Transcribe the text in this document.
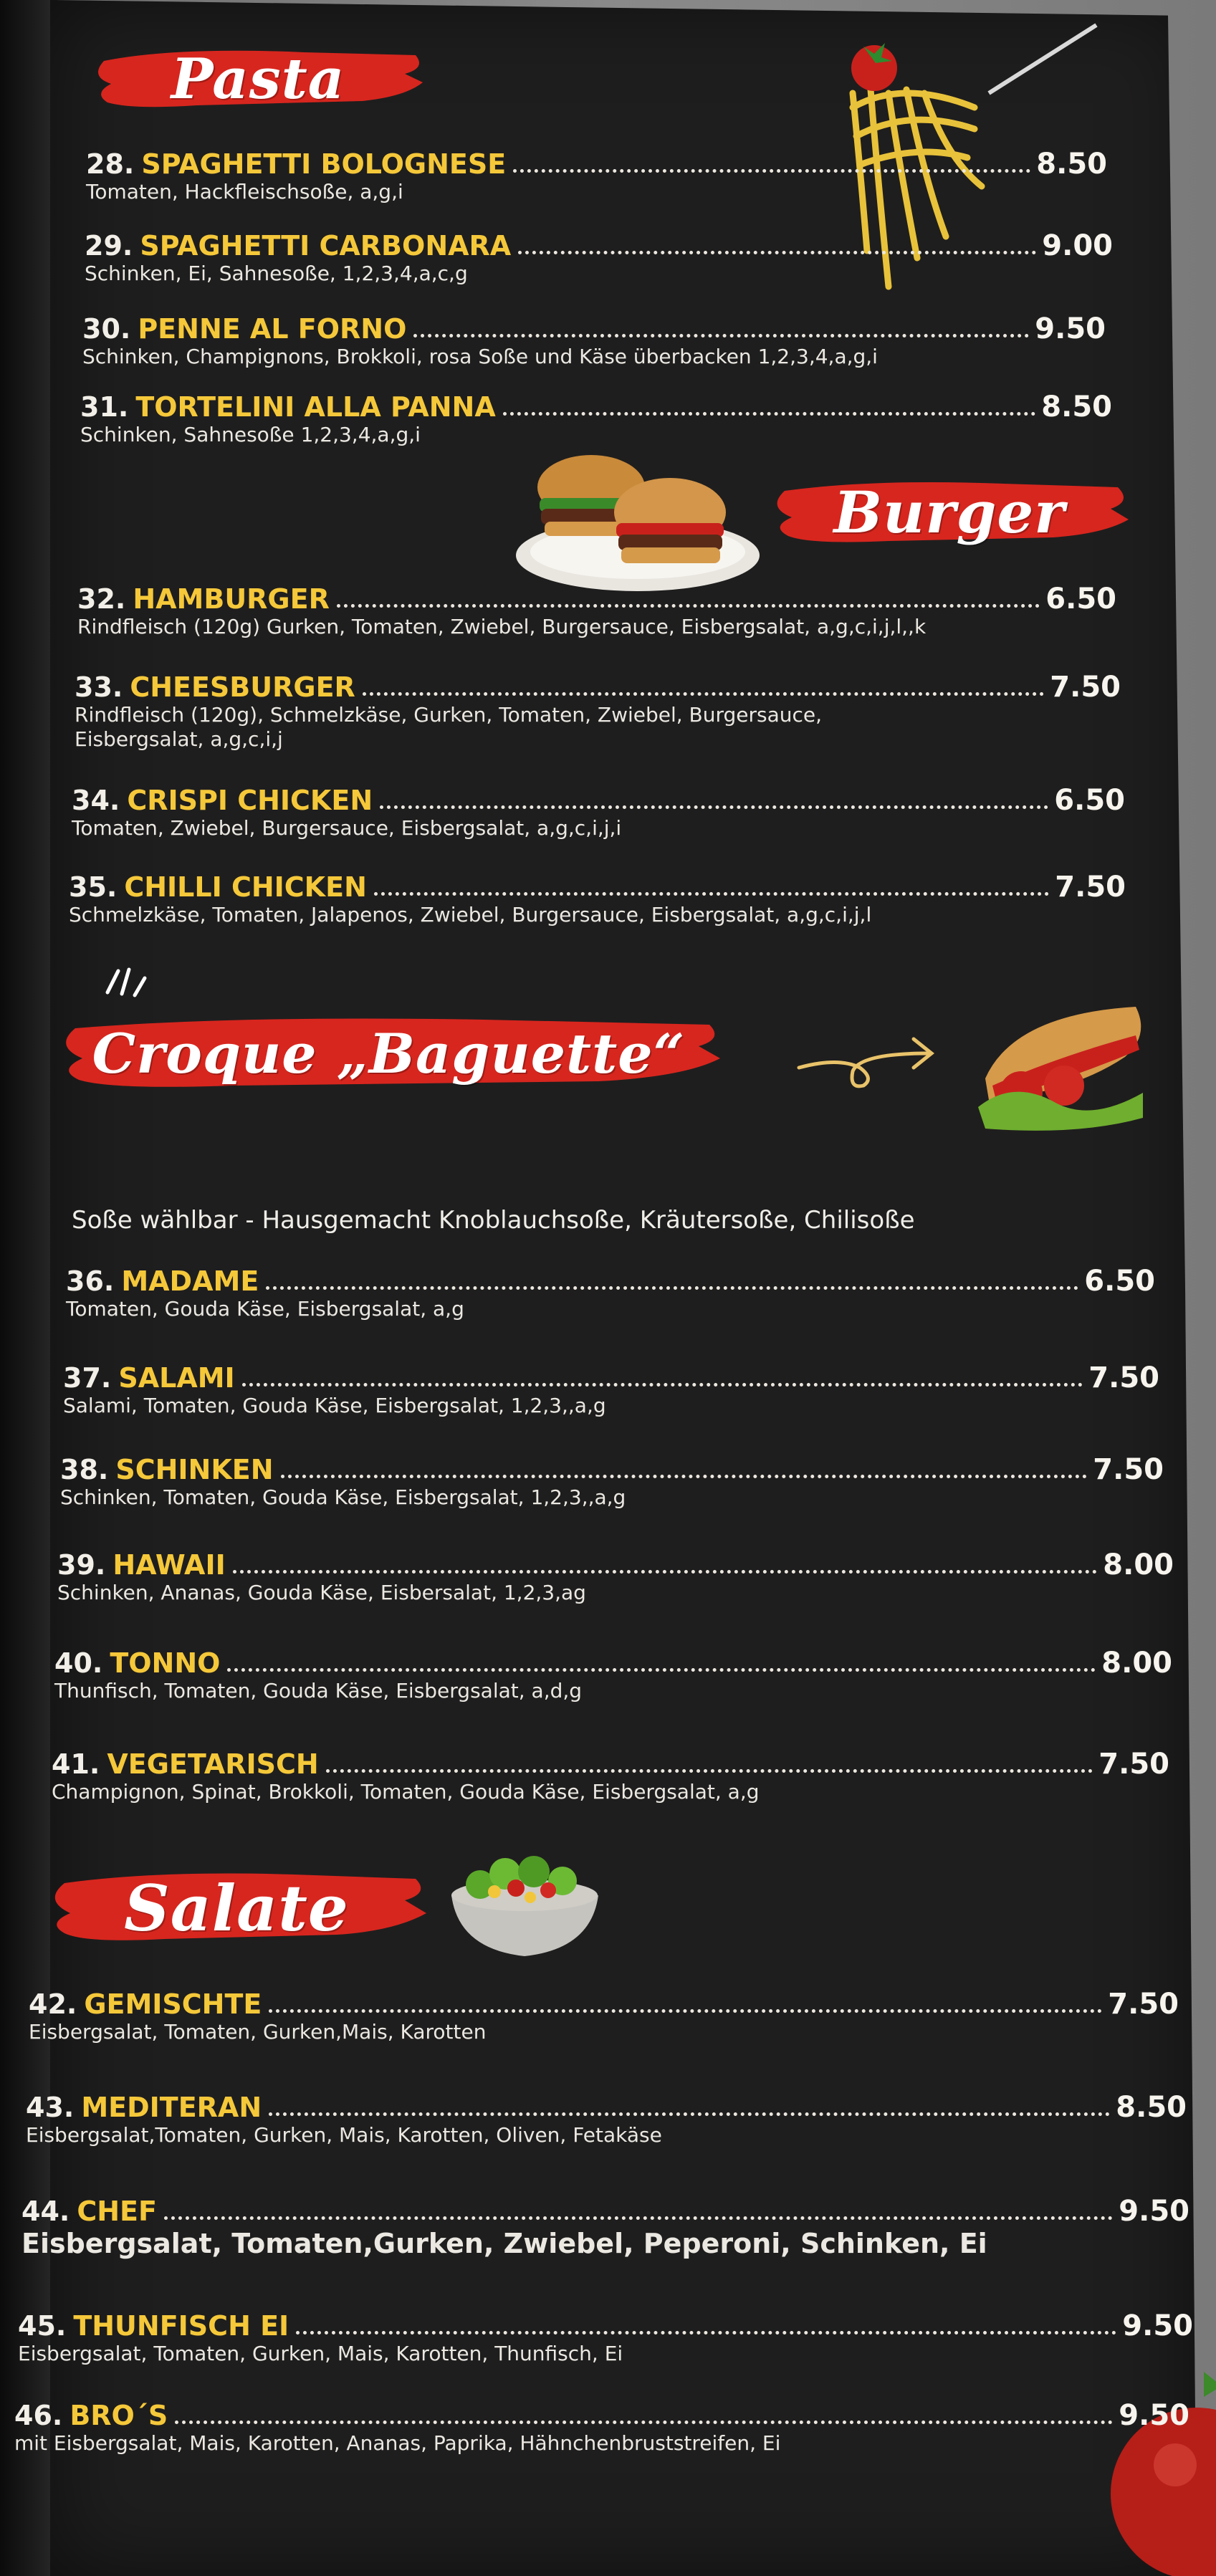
Pasta
28. SPAGHETTI BOLOGNESE	8.50
Tomaten, Hackfleischsoße, a,g,i
29. SPAGHETTI CARBONARA	9.00
Schinken, Ei, Sahnesoße, 1,2,3,4,a,c,g
30. PENNE AL FORNO	9.50
Schinken, Champignons, Brokkoli, rosa Soße und Käse überbacken 1,2,3,4,a,g,i
31. TORTELINI ALLA PANNA	8.50
Schinken, Sahnesoße 1,2,3,4,a,g,i
Burger
32. HAMBURGER	6.50
Rindfleisch (120g) Gurken, Tomaten, Zwiebel, Burgersauce, Eisbergsalat, a,g,c,i,j,l,,k
33. CHEESBURGER	7.50
Rindfleisch (120g), Schmelzkäse, Gurken, Tomaten, Zwiebel, Burgersauce,
Eisbergsalat, a,g,c,i,j
34. CRISPI CHICKEN	6.50
Tomaten, Zwiebel, Burgersauce, Eisbergsalat, a,g,c,i,j,i
35. CHILLI CHICKEN	7.50
Schmelzkäse, Tomaten, Jalapenos, Zwiebel, Burgersauce, Eisbergsalat, a,g,c,i,j,l
Croque „Baguette“
Soße wählbar - Hausgemacht Knoblauchsoße, Kräutersoße, Chilisoße
36. MADAME	6.50
Tomaten, Gouda Käse, Eisbergsalat, a,g
37. SALAMI	7.50
Salami, Tomaten, Gouda Käse, Eisbergsalat, 1,2,3,,a,g
38. SCHINKEN	7.50
Schinken, Tomaten, Gouda Käse, Eisbergsalat, 1,2,3,,a,g
39. HAWAII	8.00
Schinken, Ananas, Gouda Käse, Eisbersalat, 1,2,3,ag
40. TONNO	8.00
Thunfisch, Tomaten, Gouda Käse, Eisbergsalat, a,d,g
41. VEGETARISCH	7.50
Champignon, Spinat, Brokkoli, Tomaten, Gouda Käse, Eisbergsalat, a,g
Salate
42. GEMISCHTE	7.50
Eisbergsalat, Tomaten, Gurken,Mais, Karotten
43. MEDITERAN	8.50
Eisbergsalat,Tomaten, Gurken, Mais, Karotten, Oliven, Fetakäse
44. CHEF	9.50
Eisbergsalat, Tomaten,Gurken, Zwiebel, Peperoni, Schinken, Ei
45. THUNFISCH EI	9.50
Eisbergsalat, Tomaten, Gurken, Mais, Karotten, Thunfisch, Ei
46. BRO´S	9.50
mit Eisbergsalat, Mais, Karotten, Ananas, Paprika, Hähnchenbruststreifen, Ei
